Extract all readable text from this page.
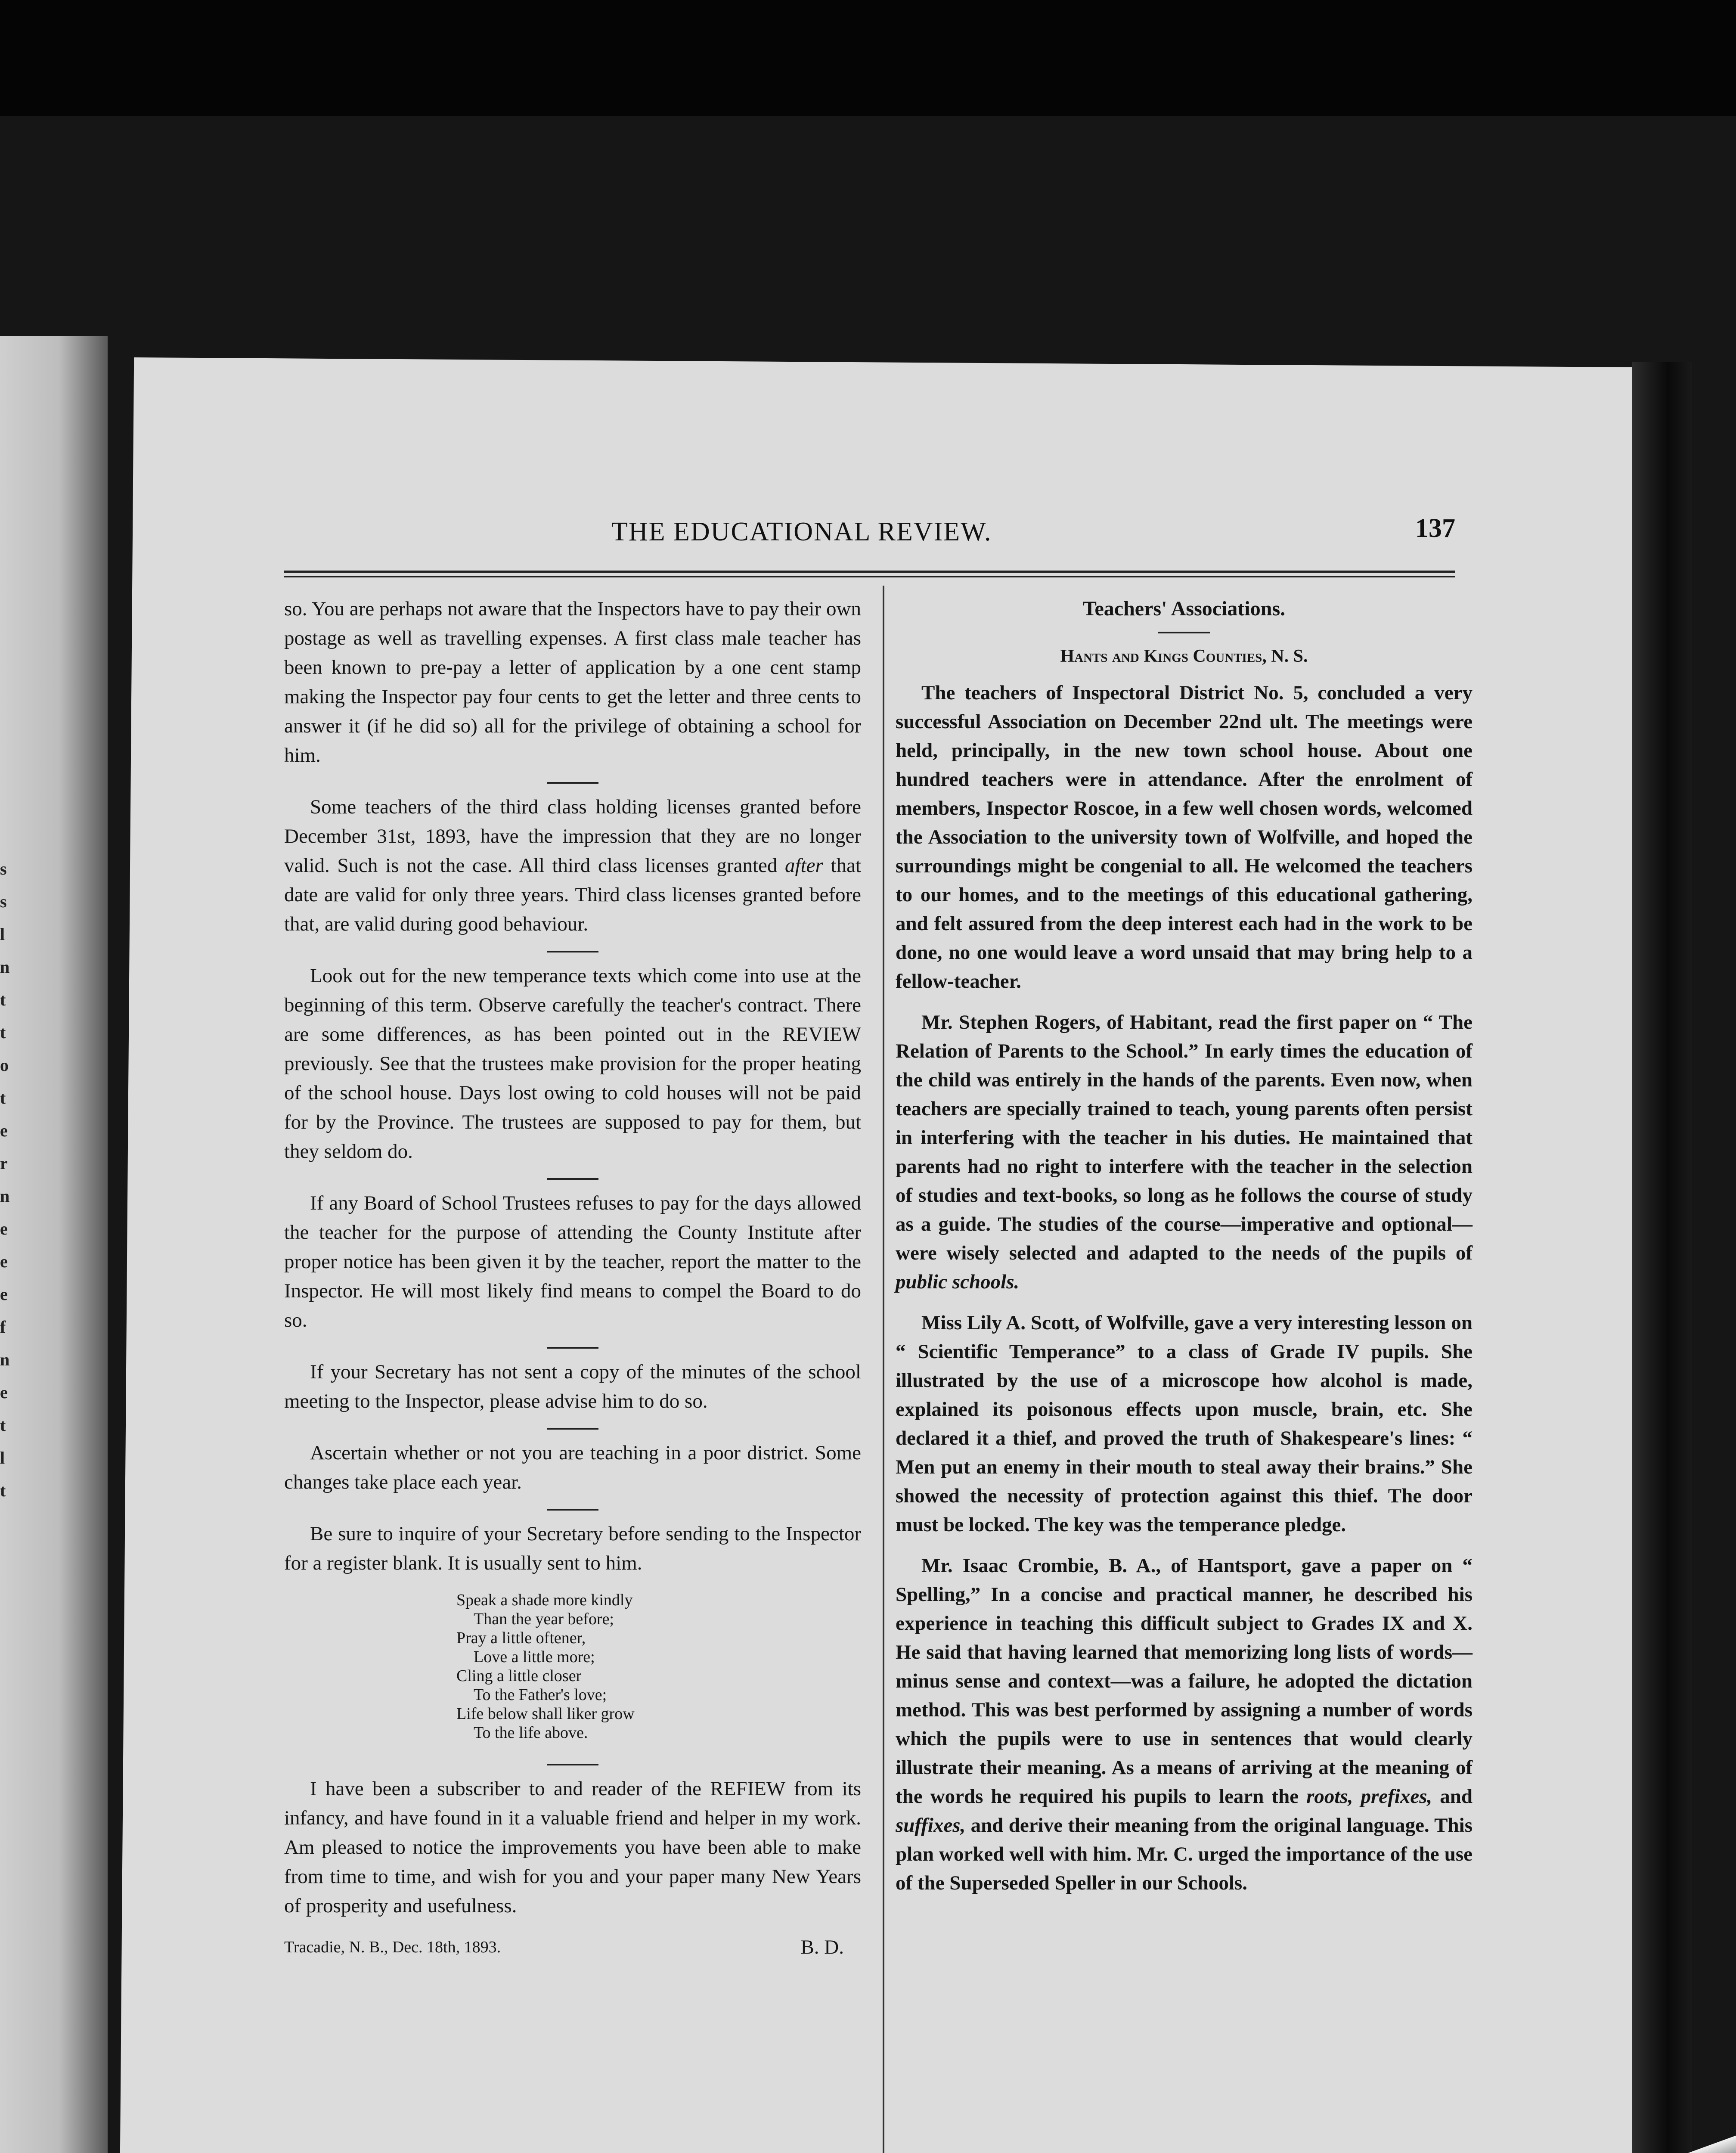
s
s
l
n
t
t
o
t
e
r
n
e
e
e
f
n
e
t
l
t
THE EDUCATIONAL REVIEW.	137

so. You are perhaps not aware that the Inspectors have to pay their own postage as well as travelling expenses. A first class male teacher has been known to pre-pay a letter of application by a one cent stamp making the Inspector pay four cents to get the letter and three cents to answer it (if he did so) all for the privilege of obtaining a school for him.

Some teachers of the third class holding licenses granted before December 31st, 1893, have the impression that they are no longer valid. Such is not the case. All third class licenses granted after that date are valid for only three years. Third class licenses granted before that, are valid during good behaviour.

Look out for the new temperance texts which come into use at the beginning of this term. Observe carefully the teacher's contract. There are some differences, as has been pointed out in the REVIEW previously. See that the trustees make provision for the proper heating of the school house. Days lost owing to cold houses will not be paid for by the Province. The trustees are supposed to pay for them, but they seldom do.

If any Board of School Trustees refuses to pay for the days allowed the teacher for the purpose of attending the County Institute after proper notice has been given it by the teacher, report the matter to the Inspector. He will most likely find means to compel the Board to do so.

If your Secretary has not sent a copy of the minutes of the school meeting to the Inspector, please advise him to do so.

Ascertain whether or not you are teaching in a poor district. Some changes take place each year.

Be sure to inquire of your Secretary before sending to the Inspector for a register blank. It is usually sent to him.

Speak a shade more kindly
Than the year before;
Pray a little oftener,
Love a little more;
Cling a little closer
To the Father's love;
Life below shall liker grow
To the life above.

I have been a subscriber to and reader of the REFIEW from its infancy, and have found in it a valuable friend and helper in my work. Am pleased to notice the improvements you have been able to make from time to time, and wish for you and your paper many New Years of prosperity and usefulness.

Tracadie, N. B., Dec. 18th, 1893.	B. D.
Teachers' Associations.
Hants and Kings Counties, N. S.

The teachers of Inspectoral District No. 5, concluded a very successful Association on December 22nd ult. The meetings were held, principally, in the new town school house. About one hundred teachers were in attendance. After the enrolment of members, Inspector Roscoe, in a few well chosen words, welcomed the Association to the university town of Wolfville, and hoped the surroundings might be congenial to all. He welcomed the teachers to our homes, and to the meetings of this educational gathering, and felt assured from the deep interest each had in the work to be done, no one would leave a word unsaid that may bring help to a fellow-teacher.

Mr. Stephen Rogers, of Habitant, read the first paper on “ The Relation of Parents to the School.” In early times the education of the child was entirely in the hands of the parents. Even now, when teachers are specially trained to teach, young parents often persist in interfering with the teacher in his duties. He maintained that parents had no right to interfere with the teacher in the selection of studies and text-books, so long as he follows the course of study as a guide. The studies of the course—imperative and optional—were wisely selected and adapted to the needs of the pupils of public schools.

Miss Lily A. Scott, of Wolfville, gave a very interesting lesson on “ Scientific Temperance” to a class of Grade IV pupils. She illustrated by the use of a microscope how alcohol is made, explained its poisonous effects upon muscle, brain, etc. She declared it a thief, and proved the truth of Shakespeare's lines: “ Men put an enemy in their mouth to steal away their brains.” She showed the necessity of protection against this thief. The door must be locked. The key was the temperance pledge.

Mr. Isaac Crombie, B. A., of Hantsport, gave a paper on “ Spelling,” In a concise and practical manner, he described his experience in teaching this difficult subject to Grades IX and X. He said that having learned that memorizing long lists of words—minus sense and context—was a failure, he adopted the dictation method. This was best performed by assigning a number of words which the pupils were to use in sentences that would clearly illustrate their meaning. As a means of arriving at the meaning of the words he required his pupils to learn the roots, prefixes, and suffixes, and derive their meaning from the original language. This plan worked well with him. Mr. C. urged the importance of the use of the Superseded Speller in our Schools.
